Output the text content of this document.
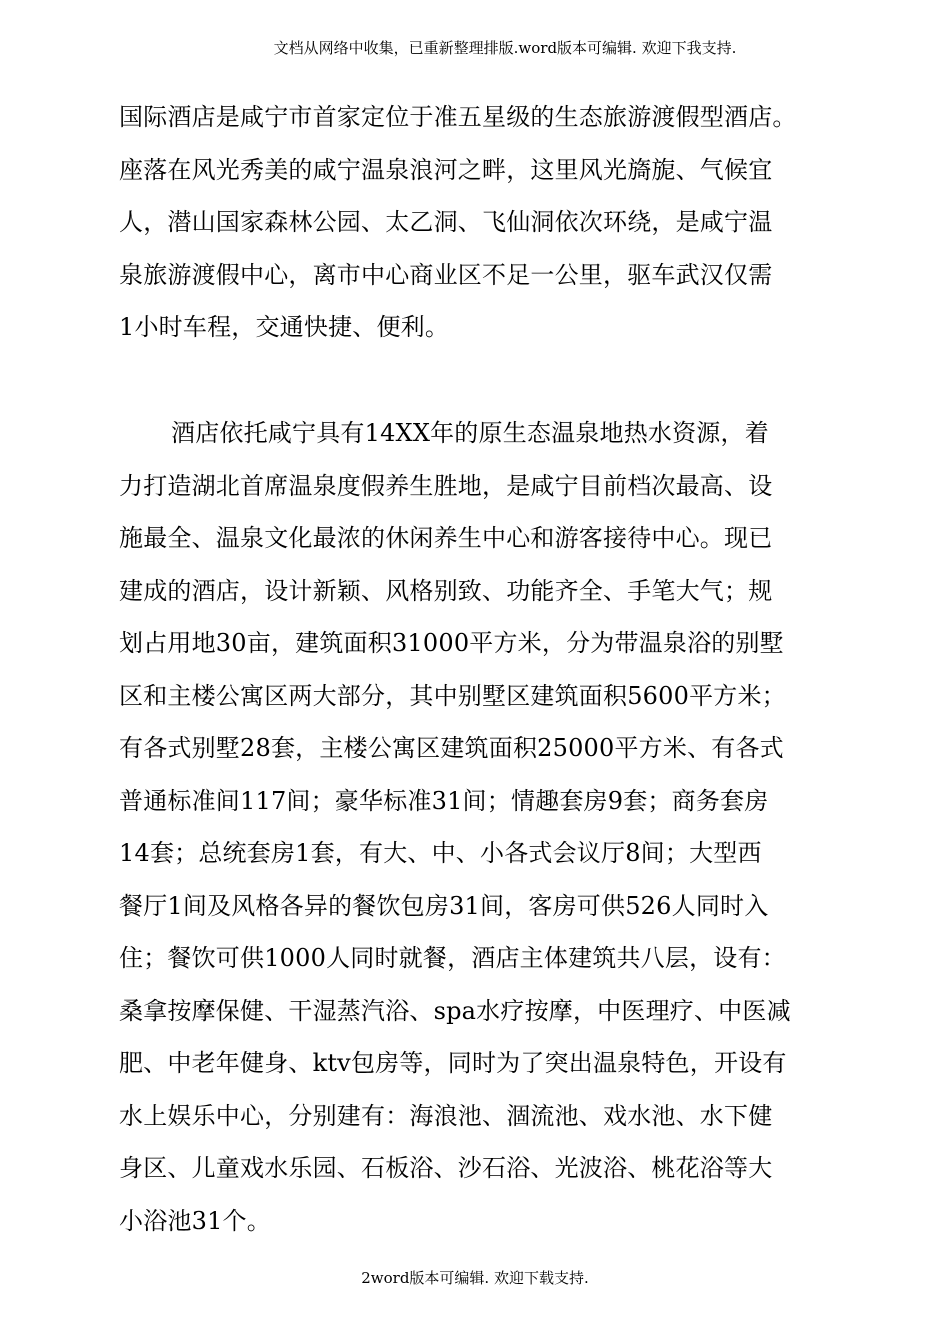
文档从网络中收集，已重新整理排版.word版本可编辑. 欢迎下我支持.
国际酒店是咸宁市首家定位于准五星级的生态旅游渡假型酒店。
座落在风光秀美的咸宁温泉浪河之畔，这里风光旖旎、气候宜
人，潜山国家森林公园、太乙洞、飞仙洞依次环绕，是咸宁温
泉旅游渡假中心，离市中心商业区不足一公里，驱车武汉仅需
1小时车程，交通快捷、便利。
酒店依托咸宁具有14XX年的原生态温泉地热水资源，着
力打造湖北首席温泉度假养生胜地，是咸宁目前档次最高、设
施最全、温泉文化最浓的休闲养生中心和游客接待中心。现已
建成的酒店，设计新颖、风格别致、功能齐全、手笔大气；规
划占用地30亩，建筑面积31000平方米，分为带温泉浴的别墅
区和主楼公寓区两大部分，其中别墅区建筑面积5600平方米；
有各式别墅28套，主楼公寓区建筑面积25000平方米、有各式
普通标准间117间；豪华标准31间；情趣套房9套；商务套房
14套；总统套房1套，有大、中、小各式会议厅8间；大型西
餐厅1间及风格各异的餐饮包房31间，客房可供526人同时入
住；餐饮可供1000人同时就餐，酒店主体建筑共八层，设有：
桑拿按摩保健、干湿蒸汽浴、spa水疗按摩，中医理疗、中医减
肥、中老年健身、ktv包房等，同时为了突出温泉特色，开设有
水上娱乐中心，分别建有：海浪池、涸流池、戏水池、水下健
身区、儿童戏水乐园、石板浴、沙石浴、光波浴、桃花浴等大
小浴池31个。
2word版本可编辑. 欢迎下载支持.
